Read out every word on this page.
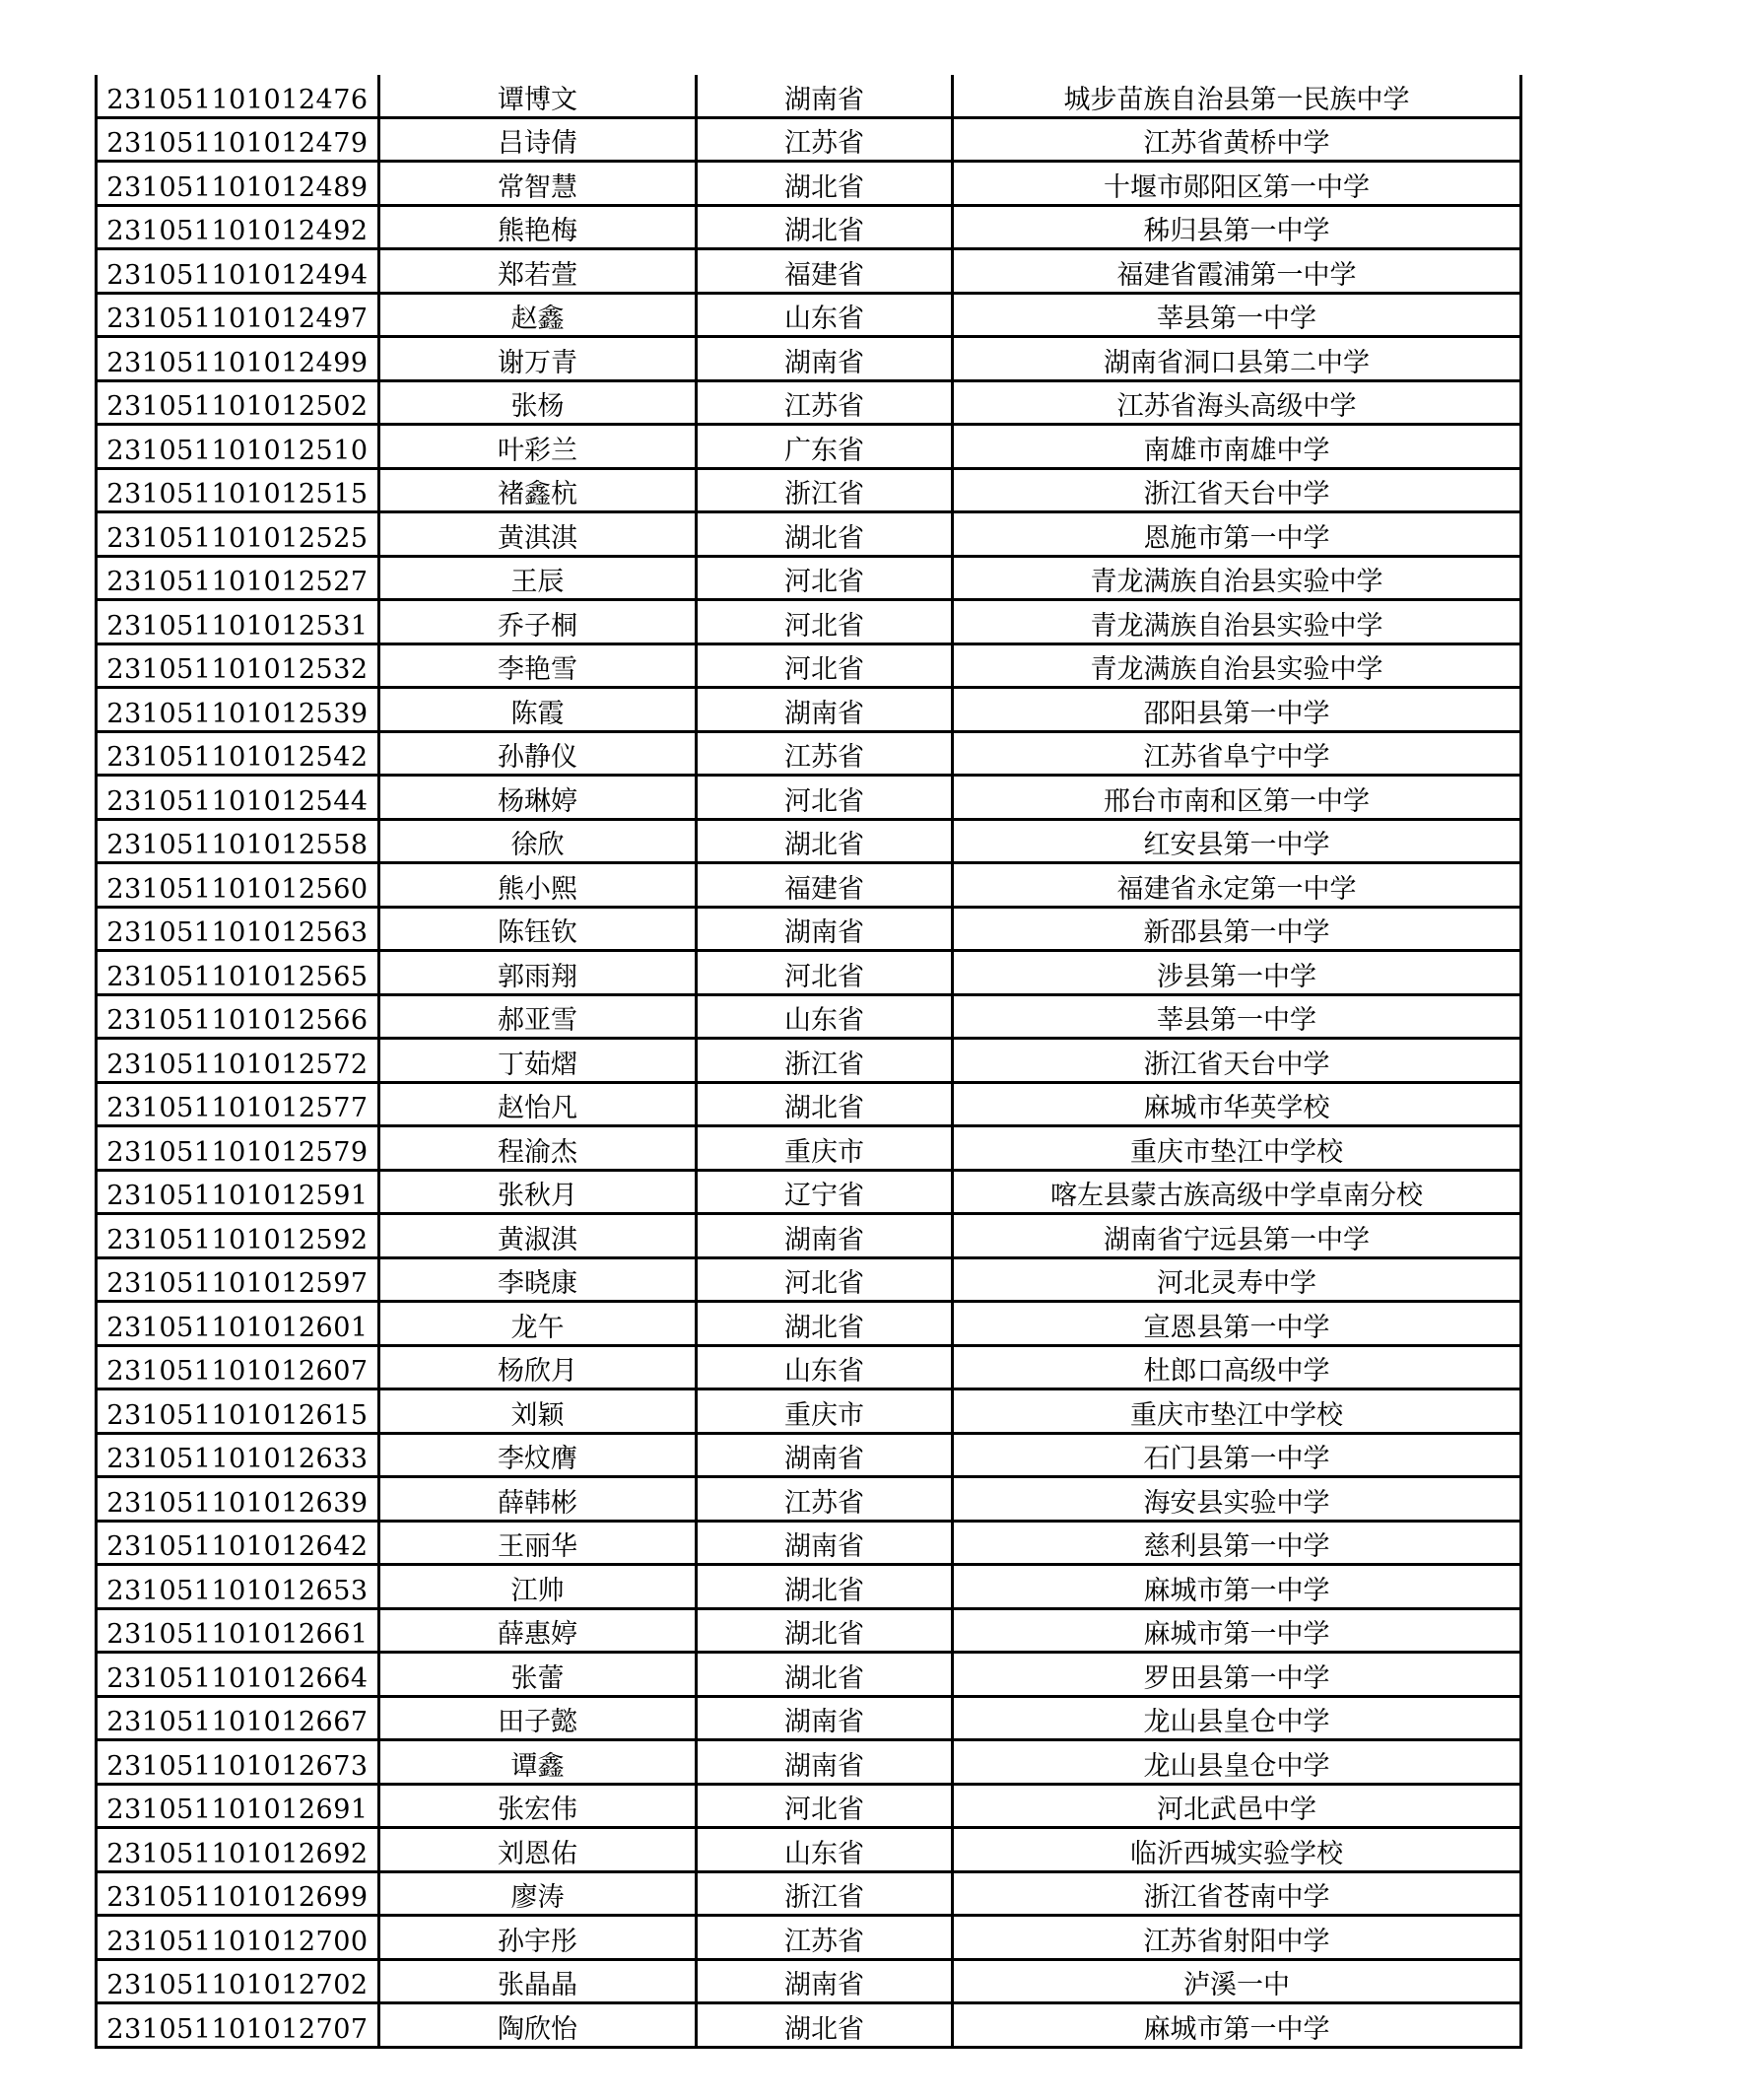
231051101012476	谭博文	湖南省	城步苗族自治县第一民族中学
231051101012479	吕诗倩	江苏省	江苏省黄桥中学
231051101012489	常智慧	湖北省	十堰市郧阳区第一中学
231051101012492	熊艳梅	湖北省	秭归县第一中学
231051101012494	郑若萱	福建省	福建省霞浦第一中学
231051101012497	赵鑫	山东省	莘县第一中学
231051101012499	谢万青	湖南省	湖南省洞口县第二中学
231051101012502	张杨	江苏省	江苏省海头高级中学
231051101012510	叶彩兰	广东省	南雄市南雄中学
231051101012515	褚鑫杭	浙江省	浙江省天台中学
231051101012525	黄淇淇	湖北省	恩施市第一中学
231051101012527	王辰	河北省	青龙满族自治县实验中学
231051101012531	乔子桐	河北省	青龙满族自治县实验中学
231051101012532	李艳雪	河北省	青龙满族自治县实验中学
231051101012539	陈霞	湖南省	邵阳县第一中学
231051101012542	孙静仪	江苏省	江苏省阜宁中学
231051101012544	杨琳婷	河北省	邢台市南和区第一中学
231051101012558	徐欣	湖北省	红安县第一中学
231051101012560	熊小熙	福建省	福建省永定第一中学
231051101012563	陈钰钦	湖南省	新邵县第一中学
231051101012565	郭雨翔	河北省	涉县第一中学
231051101012566	郝亚雪	山东省	莘县第一中学
231051101012572	丁茹熠	浙江省	浙江省天台中学
231051101012577	赵怡凡	湖北省	麻城市华英学校
231051101012579	程渝杰	重庆市	重庆市垫江中学校
231051101012591	张秋月	辽宁省	喀左县蒙古族高级中学卓南分校
231051101012592	黄淑淇	湖南省	湖南省宁远县第一中学
231051101012597	李晓康	河北省	河北灵寿中学
231051101012601	龙午	湖北省	宣恩县第一中学
231051101012607	杨欣月	山东省	杜郎口高级中学
231051101012615	刘颖	重庆市	重庆市垫江中学校
231051101012633	李炆膺	湖南省	石门县第一中学
231051101012639	薛韩彬	江苏省	海安县实验中学
231051101012642	王丽华	湖南省	慈利县第一中学
231051101012653	江帅	湖北省	麻城市第一中学
231051101012661	薛惠婷	湖北省	麻城市第一中学
231051101012664	张蕾	湖北省	罗田县第一中学
231051101012667	田子懿	湖南省	龙山县皇仓中学
231051101012673	谭鑫	湖南省	龙山县皇仓中学
231051101012691	张宏伟	河北省	河北武邑中学
231051101012692	刘恩佑	山东省	临沂西城实验学校
231051101012699	廖涛	浙江省	浙江省苍南中学
231051101012700	孙宇彤	江苏省	江苏省射阳中学
231051101012702	张晶晶	湖南省	泸溪一中
231051101012707	陶欣怡	湖北省	麻城市第一中学
